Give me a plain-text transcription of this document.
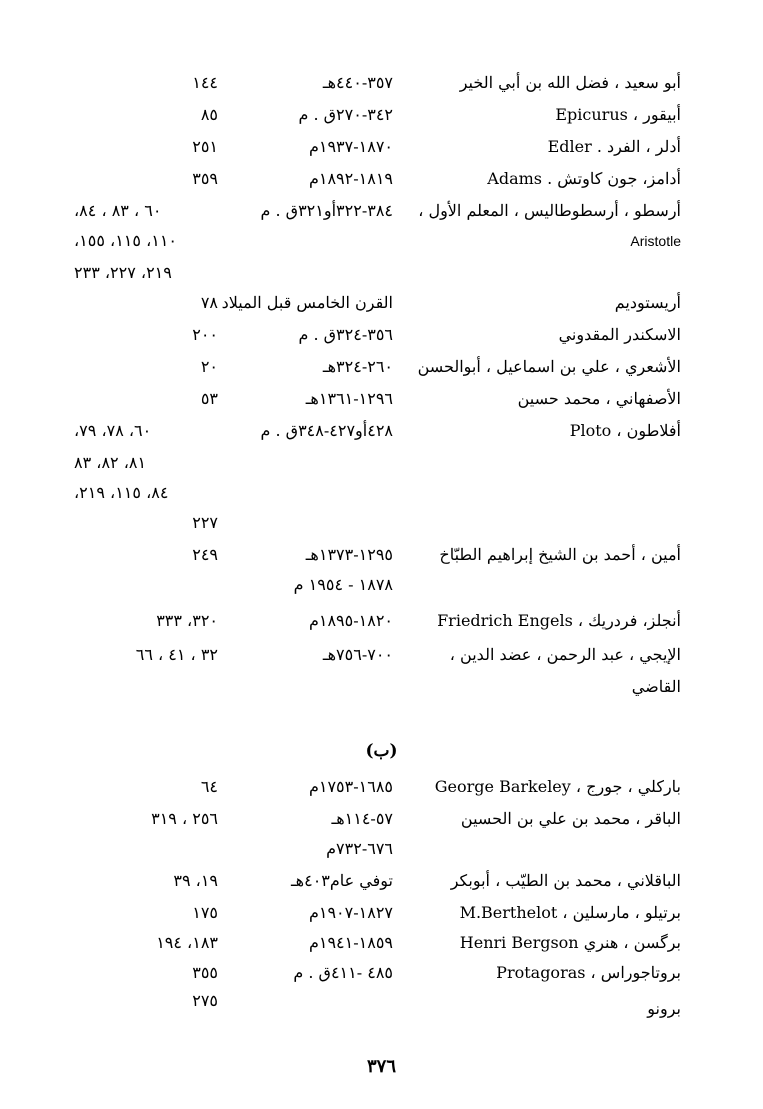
أبو سعيد ، فضل الله بن أبي الخير
٣٥٧-٤٤٠هـ
١٤٤
أبيقور ، Epicurus
٣٤٢-٢٧٠ق . م
٨٥
أدلر ، الفرد . Edler
١٨٧٠-١٩٣٧م
٢٥١
أدامز، جون كاوتش . Adams
١٨١٩-١٨٩٢م
٣٥٩
أرسطو ، أرسطوطاليس ، المعلم الأول ،
٣٨٤-٣٢٢أو٣٢١ق . م
٦٠ ، ٨٣ ، ٨٤،
Aristotle
١١٠، ١١٥، ١٥٥،
٢١٩، ٢٢٧، ٢٣٣
أريستوديم
القرن الخامس قبل الميلاد
٧٨
الاسكندر المقدوني
٣٥٦-٣٢٤ق . م
٢٠٠
الأشعري ، علي بن اسماعيل ، أبوالحسن
٢٦٠-٣٢٤هـ
٢٠
الأصفهاني ، محمد حسين
١٢٩٦-١٣٦١هـ
٥٣
أفلاطون ، Ploto
٤٢٨أو٤٢٧-٣٤٨ق . م
٦٠، ٧٨، ٧٩،
٨١، ٨٢، ٨٣
٨٤، ١١٥، ٢١٩،
٢٢٧
أمين ، أحمد بن الشيخ إبراهيم الطبّاخ
١٢٩٥-١٣٧٣هـ
٢٤٩
١٨٧٨ - ١٩٥٤ م
أنجلز، فردريك ، Friedrich Engels
١٨٢٠-١٨٩٥م
٣٢٠، ٣٣٣
الإيجي ، عبد الرحمن ، عضد الدين ،
٧٠٠-٧٥٦هـ
٣٢ ، ٤١ ، ٦٦
القاضي
(ب)
باركلي ، جورج ، George Barkeley
١٦٨٥-١٧٥٣م
٦٤
الباقر ، محمد بن علي بن الحسين
٥٧-١١٤هـ
٢٥٦ ، ٣١٩
٦٧٦-٧٣٢م
الباقلاني ، محمد بن الطيّب ، أبوبكر
توفي عام٤٠٣هـ
١٩، ٣٩
برتيلو ، مارسلين ، M.Berthelot
١٨٢٧-١٩٠٧م
١٧٥
برگسن ، هنري Henri Bergson
١٨٥٩-١٩٤١م
١٨٣، ١٩٤
بروتاجوراس ، Protagoras
٤٨٥ -٤١١ق . م
٣٥٥
برونو
٢٧٥
٣٧٦
